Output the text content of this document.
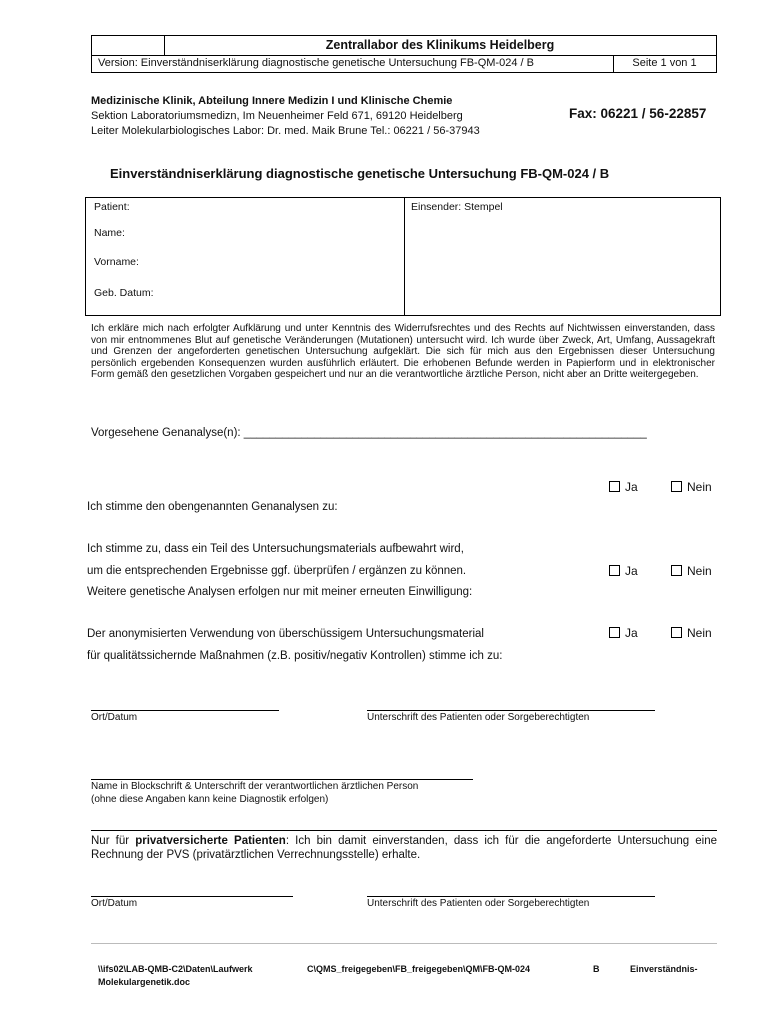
Zentrallabor des Klinikums Heidelberg
Version: Einverständniserklärung diagnostische genetische Untersuchung FB-QM-024 / B	Seite 1 von 1
Medizinische Klinik, Abteilung Innere Medizin I und Klinische Chemie
Sektion Laboratoriumsmedizn, Im Neuenheimer Feld 671, 69120 Heidelberg
Leiter Molekularbiologisches Labor: Dr. med. Maik Brune Tel.: 06221 / 56-37943
Fax: 06221 / 56-22857
Einverständniserklärung diagnostische genetische Untersuchung FB-QM-024 / B
Patient:
Name:
Vorname:
Geb. Datum:
Einsender: Stempel
Ich erkläre mich nach erfolgter Aufklärung und unter Kenntnis des Widerrufsrechtes und des Rechts auf Nichtwissen einverstanden, dass von mir entnommenes Blut auf genetische Veränderungen (Mutationen) untersucht wird. Ich wurde über Zweck, Art, Umfang, Aussagekraft und Grenzen der angeforderten genetischen Untersuchung aufgeklärt. Die sich für mich aus den Ergebnissen dieser Untersuchung persönlich ergebenden Konsequenzen wurden ausführlich erläutert. Die erhobenen Befunde werden in Papierform und in elektronischer Form gemäß den gesetzlichen Vorgaben gespeichert und nur an die verantwortliche ärztliche Person, nicht aber an Dritte weitergegeben.
Vorgesehene Genanalyse(n): _______________________________________________________________
Ja	Nein
Ich stimme den obengenannten Genanalysen zu:
Ich stimme zu, dass ein Teil des Untersuchungsmaterials aufbewahrt wird,
um die entsprechenden Ergebnisse ggf. überprüfen / ergänzen zu können.
Weitere genetische Analysen erfolgen nur mit meiner erneuten Einwilligung:
Ja	Nein
Der anonymisierten Verwendung von überschüssigem Untersuchungsmaterial
für qualitätssichernde Maßnahmen (z.B. positiv/negativ Kontrollen) stimme ich zu:
Ja	Nein
Ort/Datum	Unterschrift des Patienten oder Sorgeberechtigten
Name in Blockschrift & Unterschrift der verantwortlichen ärztlichen Person
(ohne diese Angaben kann keine Diagnostik erfolgen)
Nur für privatversicherte Patienten: Ich bin damit einverstanden, dass ich für die angeforderte Untersuchung eine Rechnung der PVS (privatärztlichen Verrechnungsstelle) erhalte.
Ort/Datum	Unterschrift des Patienten oder Sorgeberechtigten
\\ifs02\LAB-QMB-C2\Daten\Laufwerk
Molekulargenetik.doc
C\QMS_freigegeben\FB_freigegeben\QM\FB-QM-024	B	Einverständnis-
